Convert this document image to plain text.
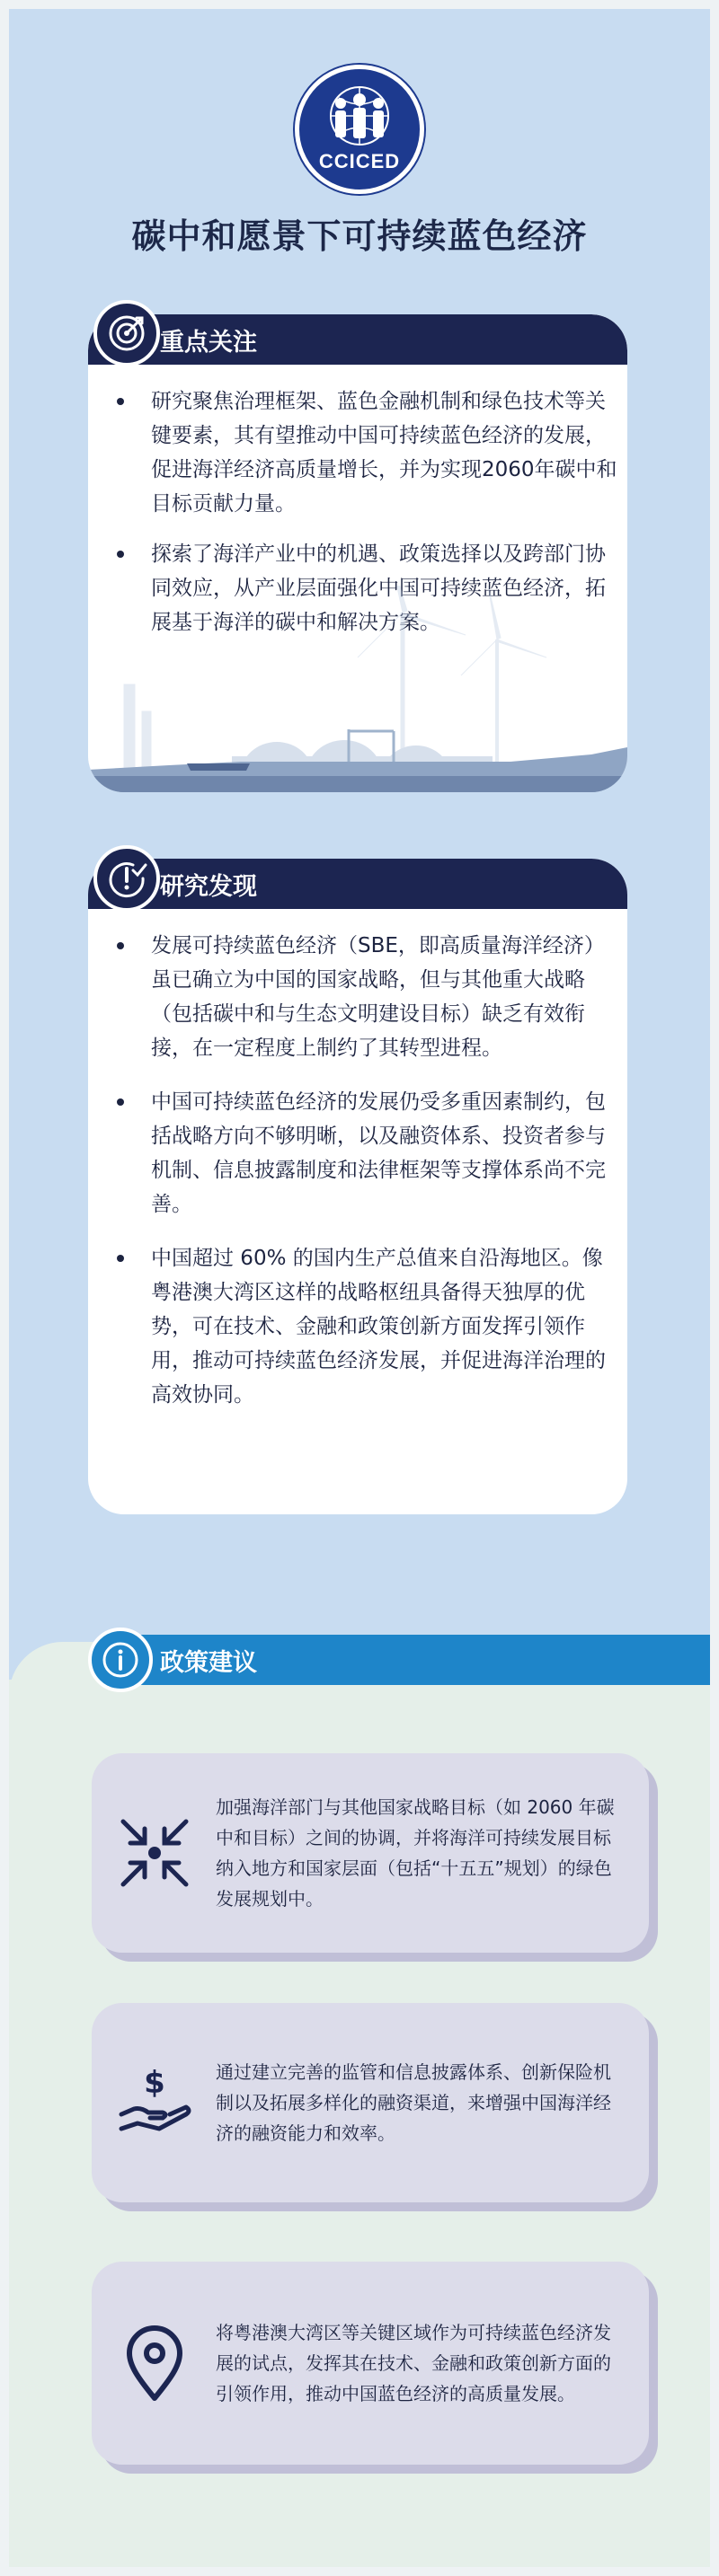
CCICED
碳中和愿景下可持续蓝色经济
重点关注
研究聚焦治理框架、蓝色金融机制和绿色技术等关键要素，其有望推动中国可持续蓝色经济的发展，促进海洋经济高质量增长，并为实现2060年碳中和目标贡献力量。
探索了海洋产业中的机遇、政策选择以及跨部门协同效应，从产业层面强化中国可持续蓝色经济，拓展基于海洋的碳中和解决方案。
研究发现
发展可持续蓝色经济（SBE，即高质量海洋经济）虽已确立为中国的国家战略，但与其他重大战略（包括碳中和与生态文明建设目标）缺乏有效衔接，在一定程度上制约了其转型进程。
中国可持续蓝色经济的发展仍受多重因素制约，包括战略方向不够明晰，以及融资体系、投资者参与机制、信息披露制度和法律框架等支撑体系尚不完善。
中国超过 60% 的国内生产总值来自沿海地区。像粤港澳大湾区这样的战略枢纽具备得天独厚的优势，可在技术、金融和政策创新方面发挥引领作用，推动可持续蓝色经济发展，并促进海洋治理的高效协同。
政策建议
加强海洋部门与其他国家战略目标（如 2060 年碳中和目标）之间的协调，并将海洋可持续发展目标纳入地方和国家层面（包括“十五五”规划）的绿色发展规划中。
$	通过建立完善的监管和信息披露体系、创新保险机制以及拓展多样化的融资渠道，来增强中国海洋经济的融资能力和效率。
将粤港澳大湾区等关键区域作为可持续蓝色经济发展的试点，发挥其在技术、金融和政策创新方面的引领作用，推动中国蓝色经济的高质量发展。
